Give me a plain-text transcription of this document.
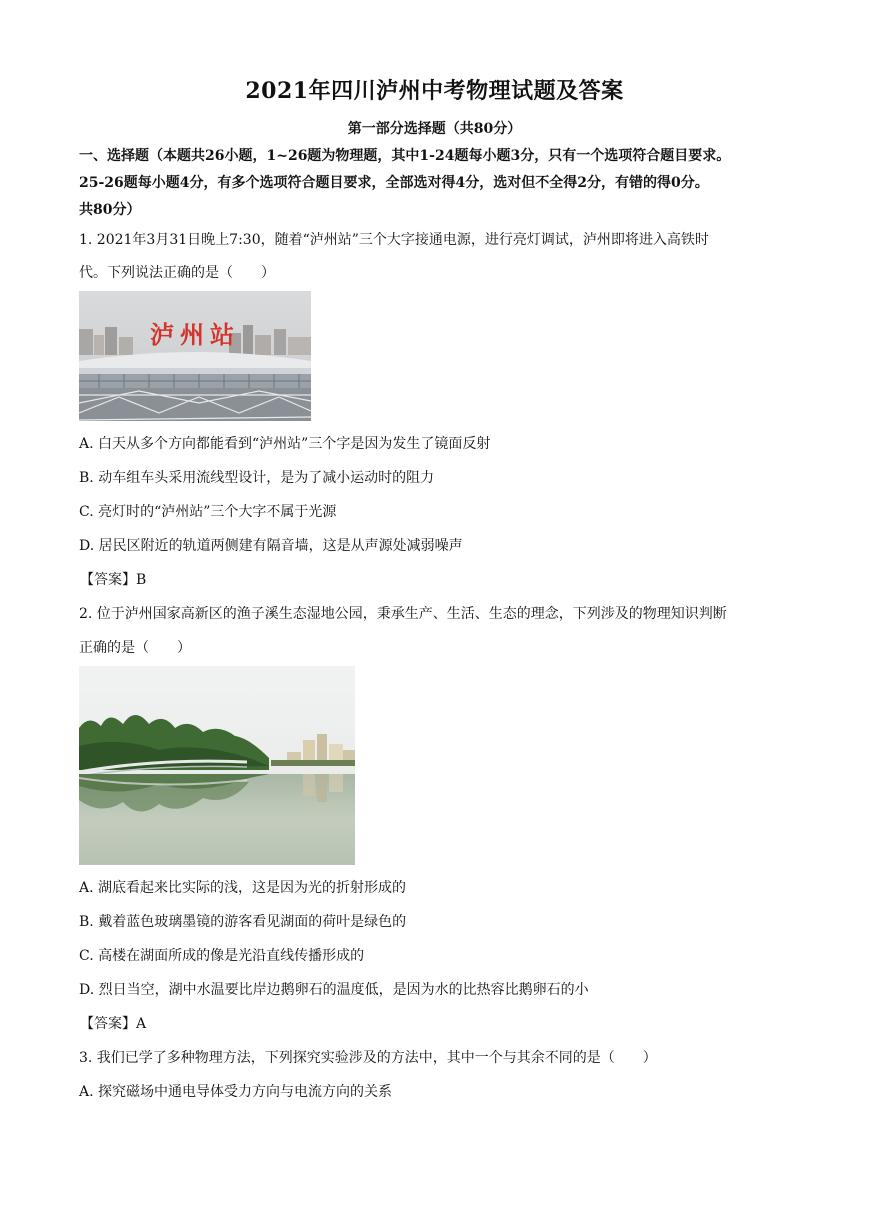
2021年四川泸州中考物理试题及答案
第一部分选择题（共80分）
一、选择题（本题共26小题，1~26题为物理题，其中1-24题每小题3分，只有一个选项符合题目要求。
25-26题每小题4分，有多个选项符合题目要求，全部选对得4分，选对但不全得2分，有错的得0分。
共80分）
1. 2021年3月31日晚上7:30，随着“泸州站”三个大字接通电源，进行亮灯调试，泸州即将进入高铁时
代。下列说法正确的是（　　）
泸州站
A. 白天从多个方向都能看到“泸州站”三个字是因为发生了镜面反射
B. 动车组车头采用流线型设计，是为了减小运动时的阻力
C. 亮灯时的“泸州站”三个大字不属于光源
D. 居民区附近的轨道两侧建有隔音墙，这是从声源处减弱噪声
【答案】B
2. 位于泸州国家高新区的渔子溪生态湿地公园，秉承生产、生活、生态的理念，下列涉及的物理知识判断
正确的是（　　）
A. 湖底看起来比实际的浅，这是因为光的折射形成的
B. 戴着蓝色玻璃墨镜的游客看见湖面的荷叶是绿色的
C. 高楼在湖面所成的像是光沿直线传播形成的
D. 烈日当空，湖中水温要比岸边鹅卵石的温度低，是因为水的比热容比鹅卵石的小
【答案】A
3. 我们已学了多种物理方法，下列探究实验涉及的方法中，其中一个与其余不同的是（　　）
A. 探究磁场中通电导体受力方向与电流方向的关系
